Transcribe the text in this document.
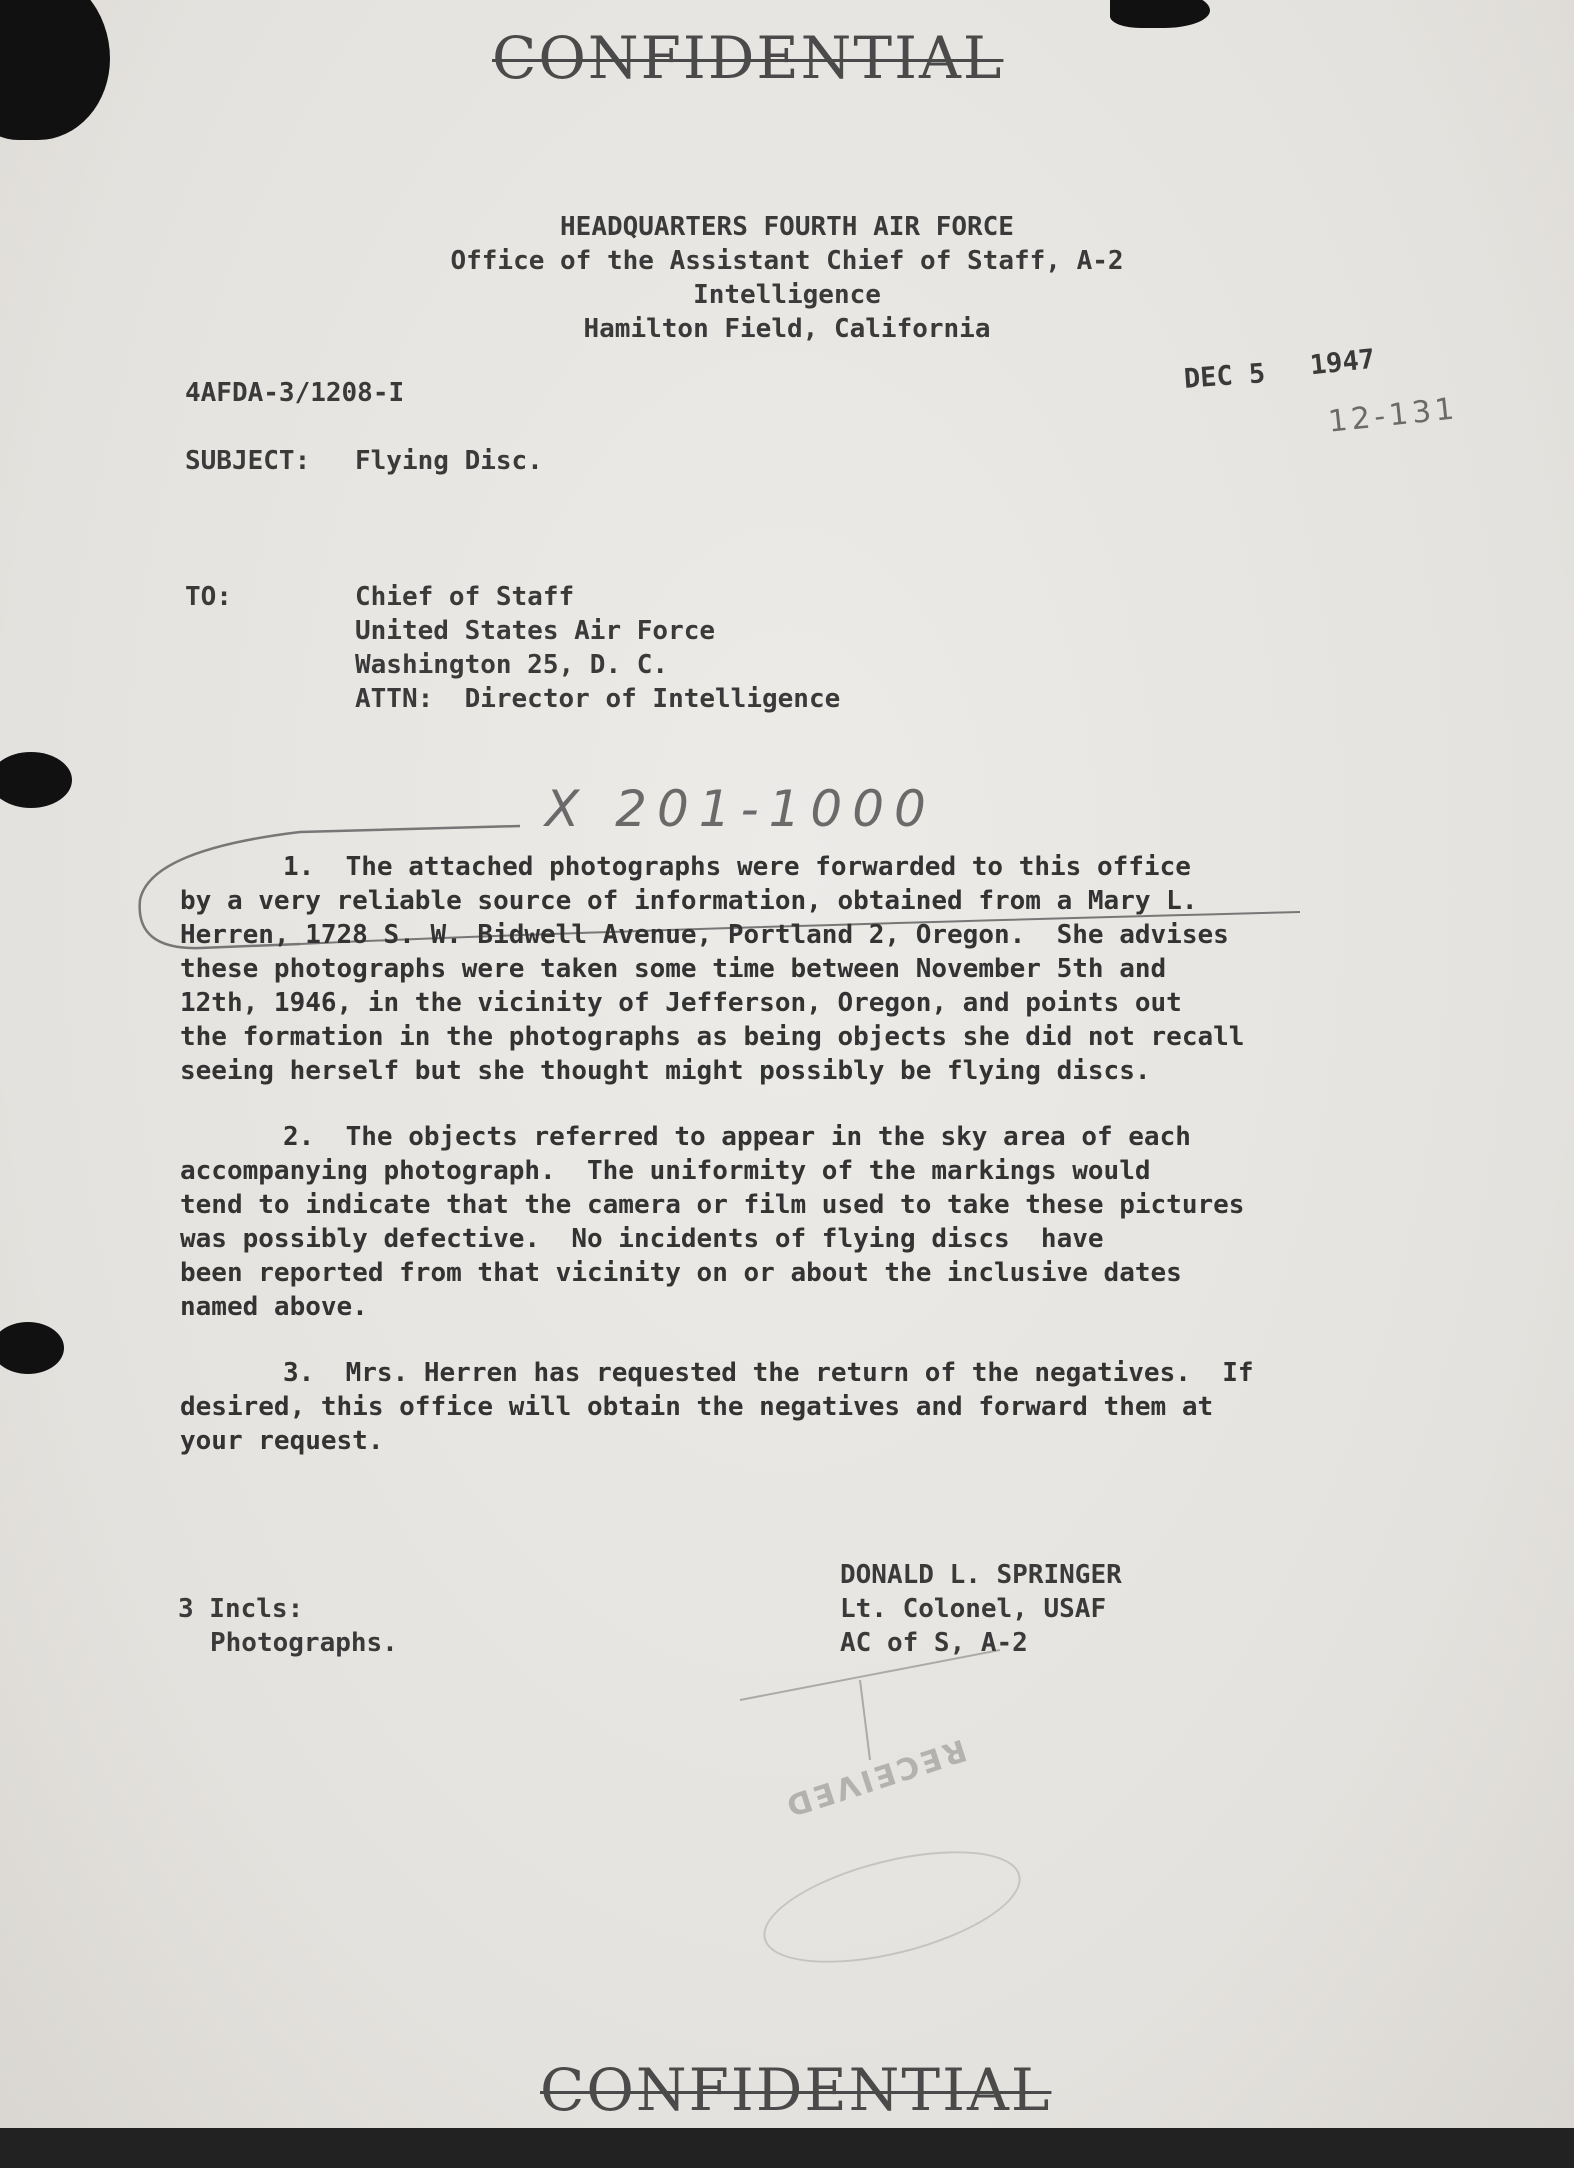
CONFIDENTIAL
HEADQUARTERS FOURTH AIR FORCE
Office of the Assistant Chief of Staff, A-2
Intelligence
Hamilton Field, California
4AFDA-3/1208-I	DEC 5 1947
12-131
SUBJECT: Flying Disc.
TO:	Chief of Staff
United States Air Force
Washington 25, D. C.
ATTN:  Director of Intelligence
X 201-1000
1.  The attached photographs were forwarded to this office
by a very reliable source of information, obtained from a Mary L.
Herren, 1728 S. W. Bidwell Avenue, Portland 2, Oregon.  She advises
these photographs were taken some time between November 5th and
12th, 1946, in the vicinity of Jefferson, Oregon, and points out
the formation in the photographs as being objects she did not recall
seeing herself but she thought might possibly be flying discs.
2.  The objects referred to appear in the sky area of each
accompanying photograph.  The uniformity of the markings would
tend to indicate that the camera or film used to take these pictures
was possibly defective.  No incidents of flying discs  have
been reported from that vicinity on or about the inclusive dates
named above.
3.  Mrs. Herren has requested the return of the negatives.  If
desired, this office will obtain the negatives and forward them at
your request.
DONALD L. SPRINGER
Lt. Colonel, USAF
AC of S, A-2
3 Incls:
Photographs.
RECEIVED
CONFIDENTIAL
